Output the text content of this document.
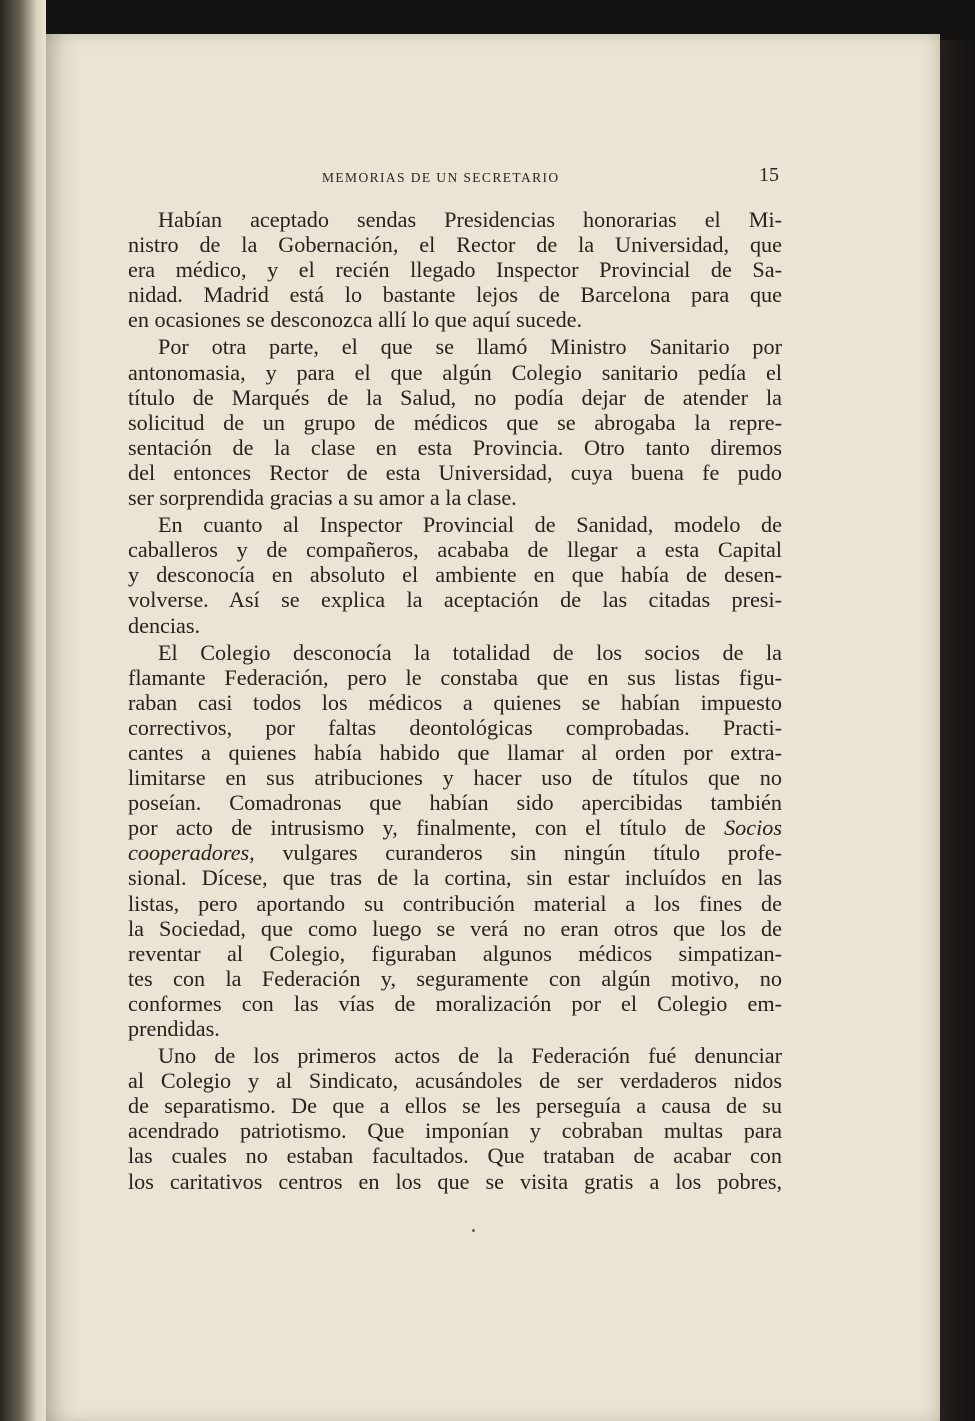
MEMORIAS DE UN SECRETARIO	15
Habían aceptado sendas Presidencias honorarias el Mi-
nistro de la Gobernación, el Rector de la Universidad, que
era médico, y el recién llegado Inspector Provincial de Sa-
nidad. Madrid está lo bastante lejos de Barcelona para que
en ocasiones se desconozca allí lo que aquí sucede.
Por otra parte, el que se llamó Ministro Sanitario por
antonomasia, y para el que algún Colegio sanitario pedía el
título de Marqués de la Salud, no podía dejar de atender la
solicitud de un grupo de médicos que se abrogaba la repre-
sentación de la clase en esta Provincia. Otro tanto diremos
del entonces Rector de esta Universidad, cuya buena fe pudo
ser sorprendida gracias a su amor a la clase.
En cuanto al Inspector Provincial de Sanidad, modelo de
caballeros y de compañeros, acababa de llegar a esta Capital
y desconocía en absoluto el ambiente en que había de desen-
volverse. Así se explica la aceptación de las citadas presi-
dencias.
El Colegio desconocía la totalidad de los socios de la
flamante Federación, pero le constaba que en sus listas figu-
raban casi todos los médicos a quienes se habían impuesto
correctivos, por faltas deontológicas comprobadas. Practi-
cantes a quienes había habido que llamar al orden por extra-
limitarse en sus atribuciones y hacer uso de títulos que no
poseían. Comadronas que habían sido apercibidas también
por acto de intrusismo y, finalmente, con el título de Socios
cooperadores, vulgares curanderos sin ningún título profe-
sional. Dícese, que tras de la cortina, sin estar incluídos en las
listas, pero aportando su contribución material a los fines de
la Sociedad, que como luego se verá no eran otros que los de
reventar al Colegio, figuraban algunos médicos simpatizan-
tes con la Federación y, seguramente con algún motivo, no
conformes con las vías de moralización por el Colegio em-
prendidas.
Uno de los primeros actos de la Federación fué denunciar
al Colegio y al Sindicato, acusándoles de ser verdaderos nidos
de separatismo. De que a ellos se les perseguía a causa de su
acendrado patriotismo. Que imponían y cobraban multas para
las cuales no estaban facultados. Que trataban de acabar con
los caritativos centros en los que se visita gratis a los pobres,
